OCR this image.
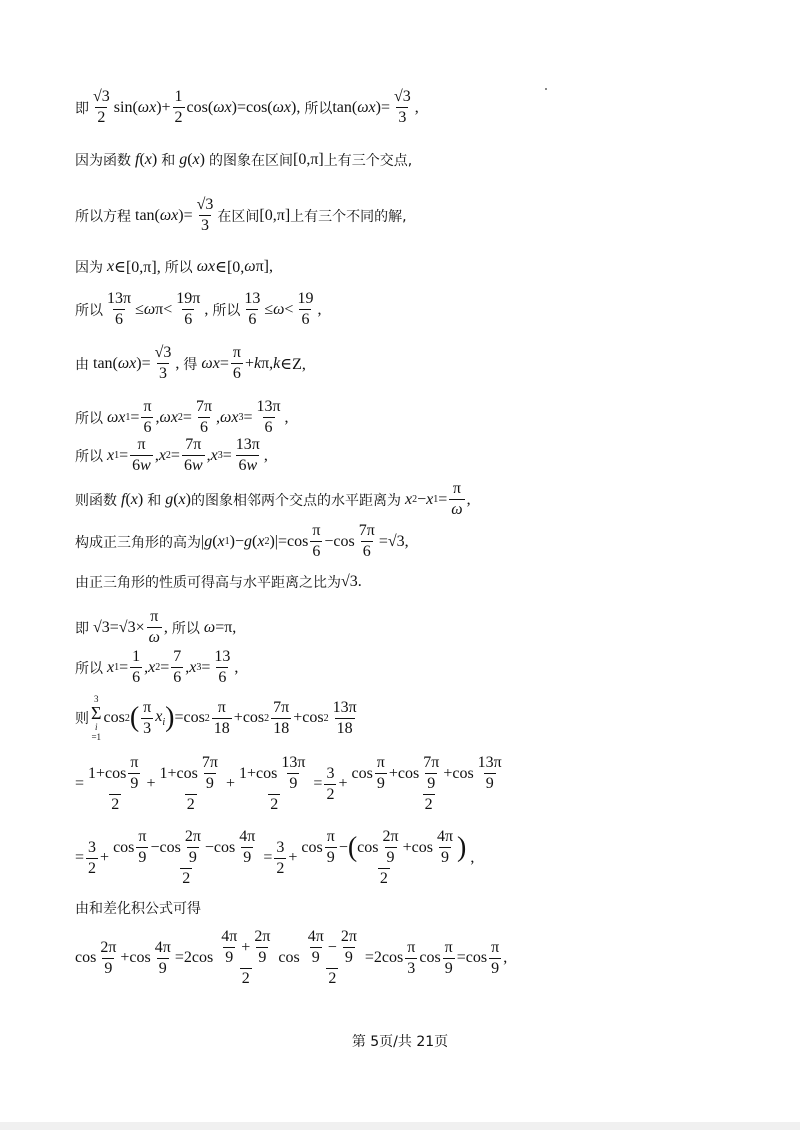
即 $\frac{√3}{2} \sin$( ωx )+ $\frac{1}{2} \cos$( ωx )=cos( ωx ), 所以 tan( ωx )= $\frac{√3}{3}$ ,
因为函数
f ( x ) 和
g ( x ) 的图象在区间 [0,π] 上有三个交点,
所以方程 tan( ωx )= $\frac{√3}{3}$ 在区间 [0,π] 上有三个不同的解,
因为
x ∈[0,π], 所以
ωx ∈[0, ω π],
所以 $\frac{13\pi}{6} \le \omega$ $\pi< \frac{19\pi}{6}$ , 所以 $\frac{13}{6} \le \omega < \frac{19}{6}$ ,
由 tan( ωx )= $\frac{√3}{3}$ , 得
$\omega x = \frac{\pi}{6} + k$ π, k ∈Z,
所以
ωx $1 = \frac{\pi}{6}$ , ωx $2 = \frac{7\pi}{6}$ , ωx $3 = \frac{13\pi}{6}$ ,
所以
x $1 = \frac{\pi}{6 w}$ , x $2 = \frac{7\pi}{6 w}$ , x $3 = \frac{13\pi}{6 w}$ ,
则函数
f ( x ) 和
g ( x ) 的图象相邻两个交点的水平距离为
x 2 − x $1 = \frac{\pi}{\omega}$ ,
构成正三角形的高为 | g ( x 1 )− g ( x 2 )$|=\cos \frac{\pi}{6} -\cos \frac{7\pi}{6} =√3$,
由正三角形的性质可得高与水平距离之比为 √3.
即 $√3=√3\times \frac{\pi}{\omega}$ , 所以
ω =π,
所以
x $1 = \frac{1}{6}$ , x $2 = \frac{7}{6}$ , x $3 = \frac{13}{6}$ ,
则
3
Σ
i
=1
cos 2 ( $\frac{\pi}{3}$ xi ) =cos $2 \frac{\pi}{18} +\cos$ $2 \frac{7\pi}{18} +\cos$ $2 \frac{13\pi}{18}$
= $\frac{1+\cos \frac{\pi}{9}}{2} + \frac{1+\cos \frac{7\pi}{9}}{2} + \frac{1+\cos \frac{13\pi}{9}}{2} = \frac{3}{2} + \frac{\cos \frac{\pi}{9} +\cos \frac{7\pi}{9} +\cos \frac{13\pi}{9}}{2}$
= $\frac{3}{2} + \frac{\cos \frac{\pi}{9} -\cos \frac{2\pi}{9} -\cos \frac{4\pi}{9}}{2} = \frac{3}{2} + \frac{\cos \frac{\pi}{9} - ( \cos \frac{2\pi}{9} +\cos \frac{4\pi}{9} )}{2}$ ,
由和差化积公式可得
$\cos \frac{2\pi}{9} +\cos \frac{4\pi}{9} =2\cos \frac{\frac{4\pi}{9} + \frac{2\pi}{9}}{2}$ $\cos \frac{\frac{4\pi}{9} - \frac{2\pi}{9}}{2} =2\cos \frac{\pi}{3}$ $\cos \frac{\pi}{9} =\cos \frac{\pi}{9}$ ,
第 5页/共 21页
